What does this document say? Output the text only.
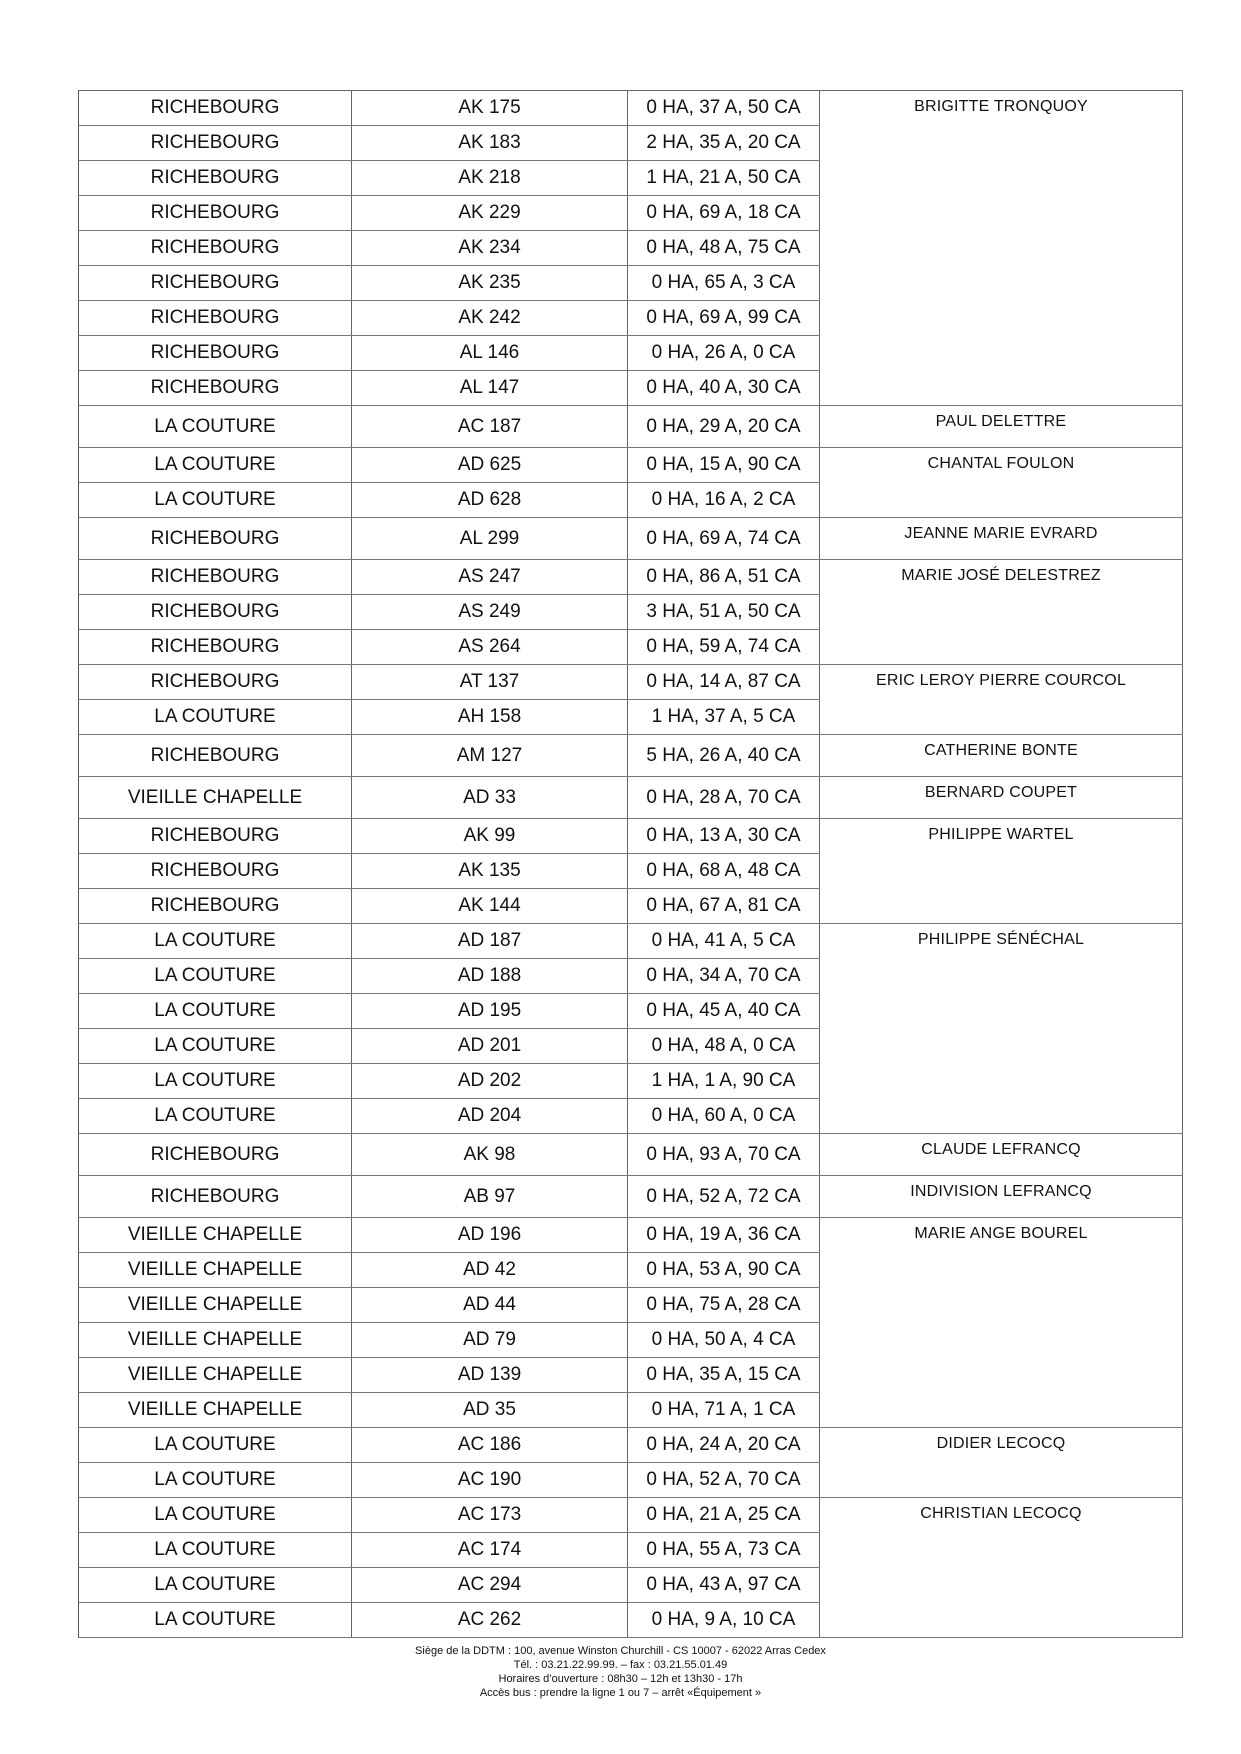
RICHEBOURG	AK 175	0 HA, 37 A, 50 CA	BRIGITTE TRONQUOY
RICHEBOURG	AK 183	2 HA, 35 A, 20 CA	
RICHEBOURG	AK 218	1 HA, 21 A, 50 CA	
RICHEBOURG	AK 229	0 HA, 69 A, 18 CA	
RICHEBOURG	AK 234	0 HA, 48 A, 75 CA	
RICHEBOURG	AK 235	0 HA, 65 A, 3 CA	
RICHEBOURG	AK 242	0 HA, 69 A, 99 CA	
RICHEBOURG	AL 146	0 HA, 26 A, 0 CA	
RICHEBOURG	AL 147	0 HA, 40 A, 30 CA	
LA COUTURE	AC 187	0 HA, 29 A, 20 CA	PAUL DELETTRE
LA COUTURE	AD 625	0 HA, 15 A, 90 CA	CHANTAL FOULON
LA COUTURE	AD 628	0 HA, 16 A, 2 CA	
RICHEBOURG	AL 299	0 HA, 69 A, 74 CA	JEANNE MARIE EVRARD
RICHEBOURG	AS 247	0 HA, 86 A, 51 CA	MARIE JOSÉ DELESTREZ
RICHEBOURG	AS 249	3 HA, 51 A, 50 CA	
RICHEBOURG	AS 264	0 HA, 59 A, 74 CA	
RICHEBOURG	AT 137	0 HA, 14 A, 87 CA	ERIC LEROY PIERRE COURCOL
LA COUTURE	AH 158	1 HA, 37 A, 5 CA	
RICHEBOURG	AM 127	5 HA, 26 A, 40 CA	CATHERINE BONTE
VIEILLE CHAPELLE	AD 33	0 HA, 28 A, 70 CA	BERNARD COUPET
RICHEBOURG	AK 99	0 HA, 13 A, 30 CA	PHILIPPE WARTEL
RICHEBOURG	AK 135	0 HA, 68 A, 48 CA	
RICHEBOURG	AK 144	0 HA, 67 A, 81 CA	
LA COUTURE	AD 187	0 HA, 41 A, 5 CA	PHILIPPE SÉNÉCHAL
LA COUTURE	AD 188	0 HA, 34 A, 70 CA	
LA COUTURE	AD 195	0 HA, 45 A, 40 CA	
LA COUTURE	AD 201	0 HA, 48 A, 0 CA	
LA COUTURE	AD 202	1 HA, 1 A, 90 CA	
LA COUTURE	AD 204	0 HA, 60 A, 0 CA	
RICHEBOURG	AK 98	0 HA, 93 A, 70 CA	CLAUDE LEFRANCQ
RICHEBOURG	AB 97	0 HA, 52 A, 72 CA	INDIVISION LEFRANCQ
VIEILLE CHAPELLE	AD 196	0 HA, 19 A, 36 CA	MARIE ANGE BOUREL
VIEILLE CHAPELLE	AD 42	0 HA, 53 A, 90 CA	
VIEILLE CHAPELLE	AD 44	0 HA, 75 A, 28 CA	
VIEILLE CHAPELLE	AD 79	0 HA, 50 A, 4 CA	
VIEILLE CHAPELLE	AD 139	0 HA, 35 A, 15 CA	
VIEILLE CHAPELLE	AD 35	0 HA, 71 A, 1 CA	
LA COUTURE	AC 186	0 HA, 24 A, 20 CA	DIDIER LECOCQ
LA COUTURE	AC 190	0 HA, 52 A, 70 CA	
LA COUTURE	AC 173	0 HA, 21 A, 25 CA	CHRISTIAN LECOCQ
LA COUTURE	AC 174	0 HA, 55 A, 73 CA	
LA COUTURE	AC 294	0 HA, 43 A, 97 CA	
LA COUTURE	AC 262	0 HA, 9 A, 10 CA	
Siège de la DDTM : 100, avenue Winston Churchill - CS 10007 - 62022 Arras Cedex
Tél. : 03.21.22.99.99. – fax : 03.21.55.01.49
Horaires d’ouverture : 08h30 – 12h et 13h30 - 17h
Accès bus : prendre la ligne 1 ou 7 – arrêt «Équipement »
